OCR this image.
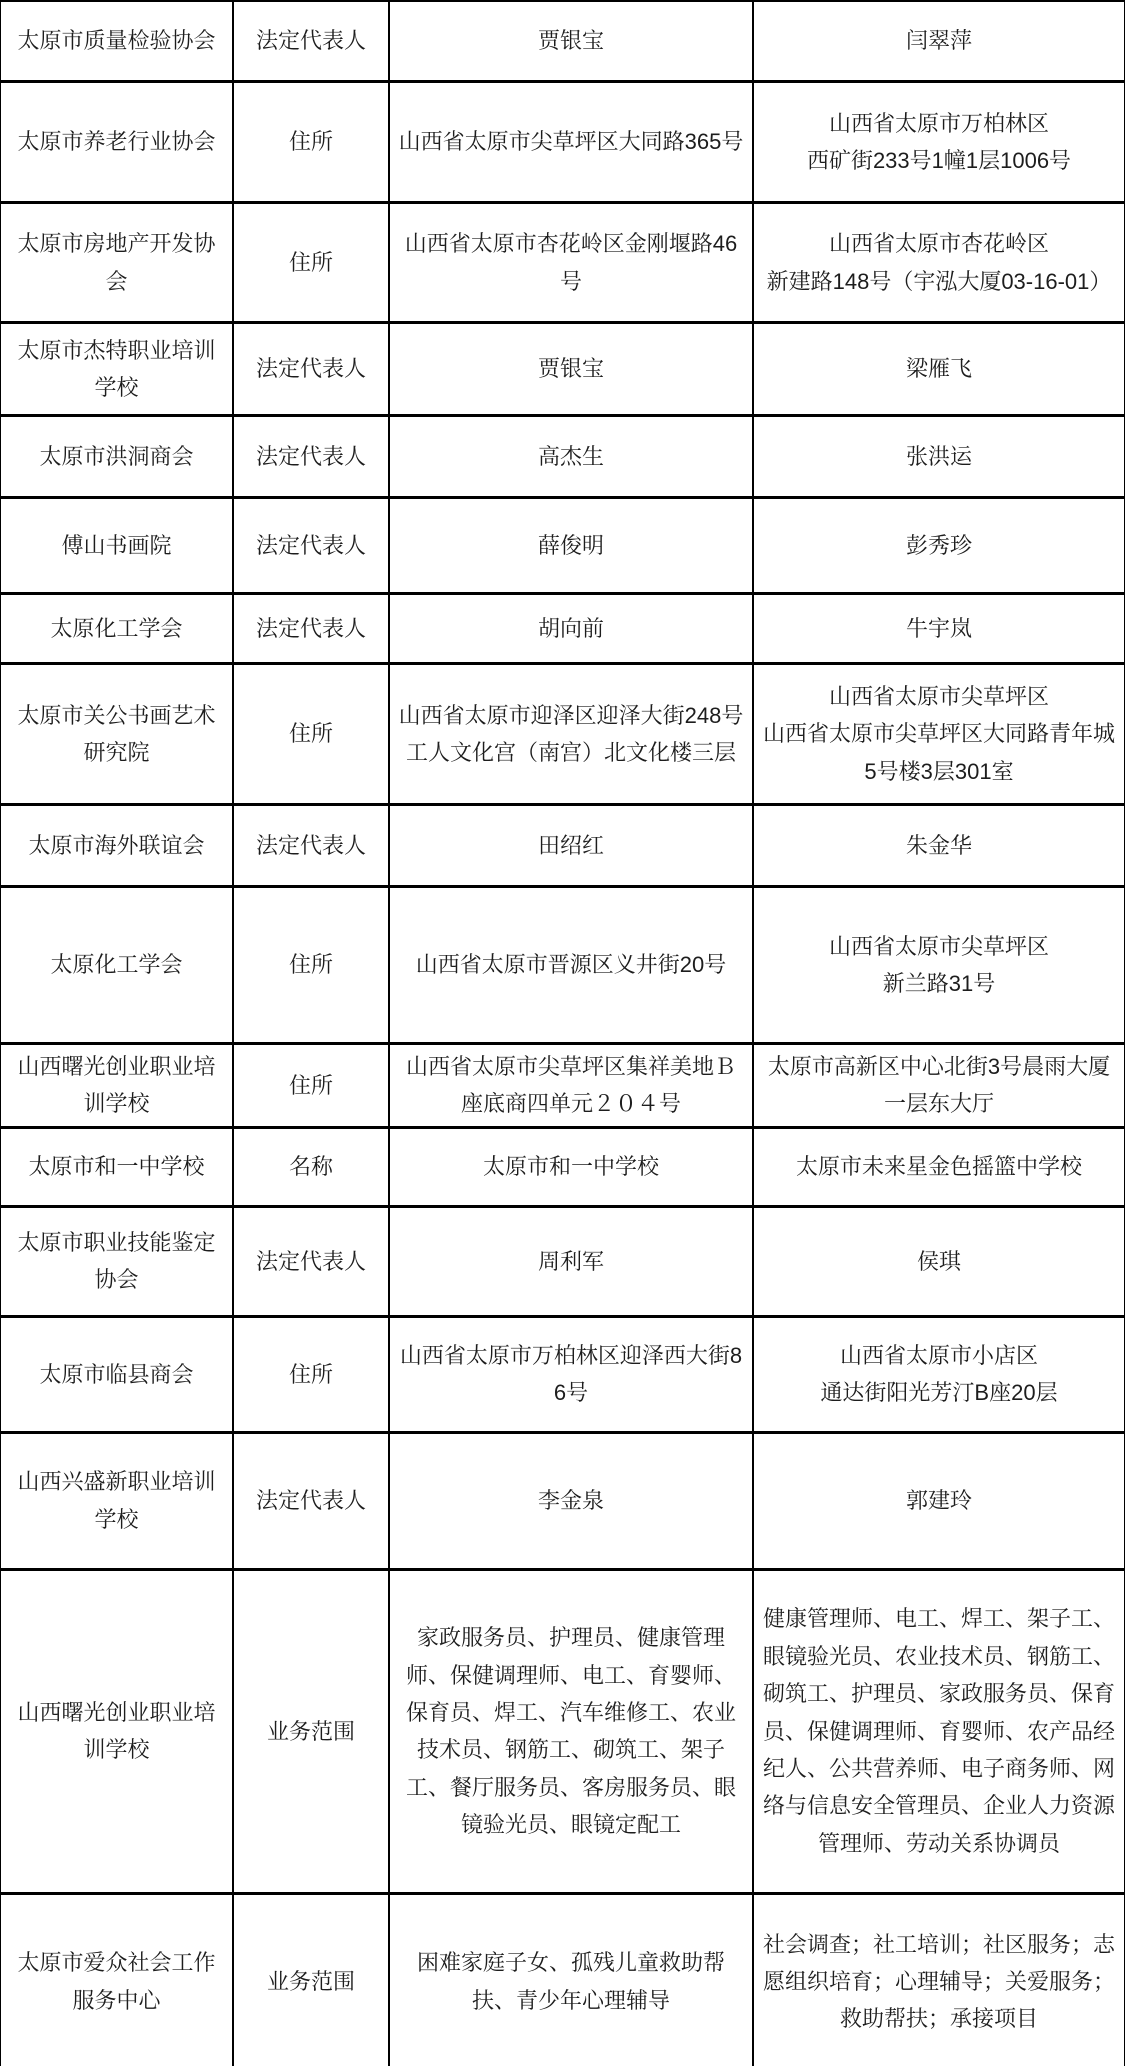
太原市质量检验协会	法定代表人	贾银宝	闫翠萍
太原市养老行业协会	住所	山西省太原市尖草坪区大同路365号	山西省太原市万柏林区
西矿街233号1幢1层1006号
太原市房地产开发协会	住所	山西省太原市杏花岭区金刚堰路46号	山西省太原市杏花岭区
新建路148号（宇泓大厦03-16-01）
太原市杰特职业培训学校	法定代表人	贾银宝	梁雁飞
太原市洪洞商会	法定代表人	高杰生	张洪运
傅山书画院	法定代表人	薛俊明	彭秀珍
太原化工学会	法定代表人	胡向前	牛宇岚
太原市关公书画艺术研究院	住所	山西省太原市迎泽区迎泽大街248号工人文化宫（南宫）北文化楼三层	山西省太原市尖草坪区
山西省太原市尖草坪区大同路青年城5号楼3层301室
太原市海外联谊会	法定代表人	田绍红	朱金华
太原化工学会	住所	山西省太原市晋源区义井街20号	山西省太原市尖草坪区
新兰路31号
山西曙光创业职业培训学校	住所	山西省太原市尖草坪区集祥美地Ｂ座底商四单元２０４号	太原市高新区中心北街3号晨雨大厦一层东大厅
太原市和一中学校	名称	太原市和一中学校	太原市未来星金色摇篮中学校
太原市职业技能鉴定协会	法定代表人	周利军	侯琪
太原市临县商会	住所	山西省太原市万柏林区迎泽西大街86号	山西省太原市小店区
通达街阳光芳汀B座20层
山西兴盛新职业培训学校	法定代表人	李金泉	郭建玲
山西曙光创业职业培训学校	业务范围	家政服务员、护理员、健康管理师、保健调理师、电工、育婴师、保育员、焊工、汽车维修工、农业技术员、钢筋工、砌筑工、架子工、餐厅服务员、客房服务员、眼镜验光员、眼镜定配工	健康管理师、电工、焊工、架子工、眼镜验光员、农业技术员、钢筋工、砌筑工、护理员、家政服务员、保育员、保健调理师、育婴师、农产品经纪人、公共营养师、电子商务师、网络与信息安全管理员、企业人力资源管理师、劳动关系协调员
太原市爱众社会工作服务中心	业务范围	困难家庭子女、孤残儿童救助帮扶、青少年心理辅导	社会调查；社工培训；社区服务；志愿组织培育；心理辅导；关爱服务； 救助帮扶；承接项目
